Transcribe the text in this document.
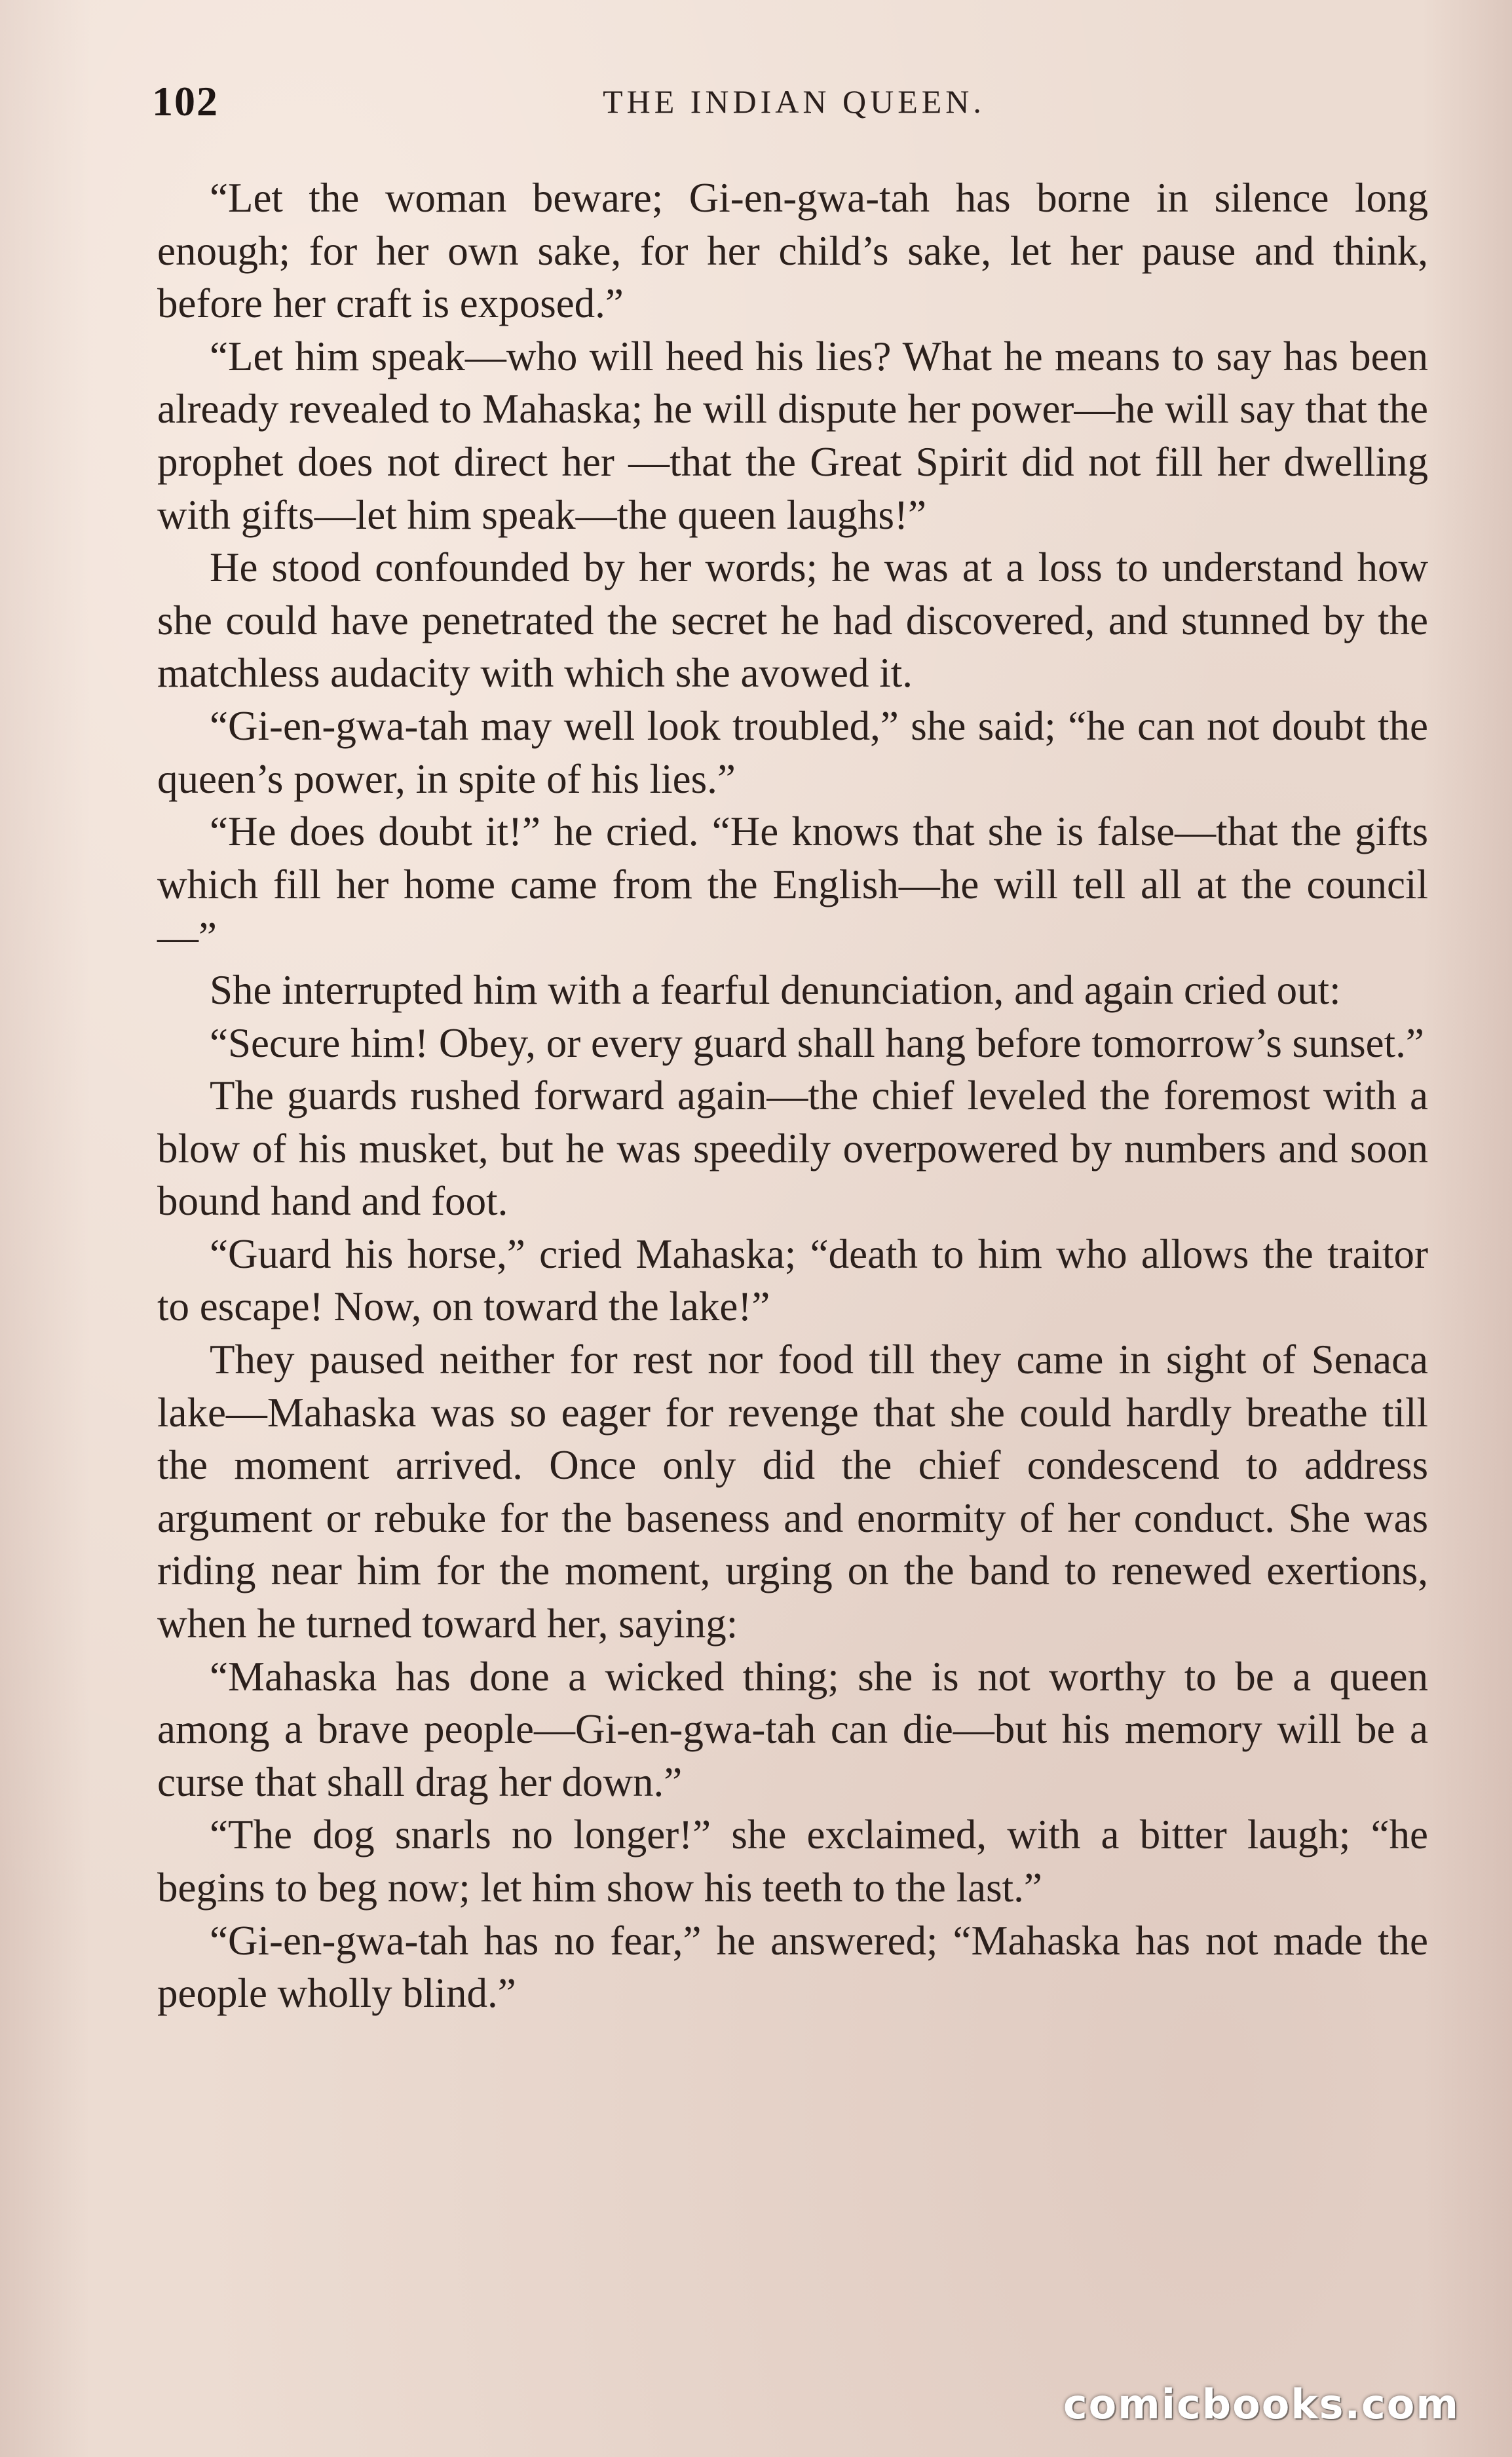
102	THE INDIAN QUEEN.

“Let the woman beware; Gi-en-gwa-tah has borne in silence long enough; for her own sake, for her child’s sake, let her pause and think, before her craft is exposed.”

“Let him speak—who will heed his lies? What he means to say has been already revealed to Mahaska; he will dispute her power—he will say that the prophet does not direct her —that the Great Spirit did not fill her dwelling with gifts—let him speak—the queen laughs!”

He stood confounded by her words; he was at a loss to understand how she could have penetrated the secret he had discovered, and stunned by the matchless audacity with which she avowed it.

“Gi-en-gwa-tah may well look troubled,” she said; “he can not doubt the queen’s power, in spite of his lies.”

“He does doubt it!” he cried. “He knows that she is false—that the gifts which fill her home came from the English—he will tell all at the council—”

She interrupted him with a fearful denunciation, and again cried out:

“Secure him! Obey, or every guard shall hang before tomorrow’s sunset.”

The guards rushed forward again—the chief leveled the foremost with a blow of his musket, but he was speedily overpowered by numbers and soon bound hand and foot.

“Guard his horse,” cried Mahaska; “death to him who allows the traitor to escape! Now, on toward the lake!”

They paused neither for rest nor food till they came in sight of Senaca lake—Mahaska was so eager for revenge that she could hardly breathe till the moment arrived. Once only did the chief condescend to address argument or rebuke for the baseness and enormity of her conduct. She was riding near him for the moment, urging on the band to renewed exertions, when he turned toward her, saying:

“Mahaska has done a wicked thing; she is not worthy to be a queen among a brave people—Gi-en-gwa-tah can die—but his memory will be a curse that shall drag her down.”

“The dog snarls no longer!” she exclaimed, with a bitter laugh; “he begins to beg now; let him show his teeth to the last.”

“Gi-en-gwa-tah has no fear,” he answered; “Mahaska has not made the people wholly blind.”

comicbooks.com
